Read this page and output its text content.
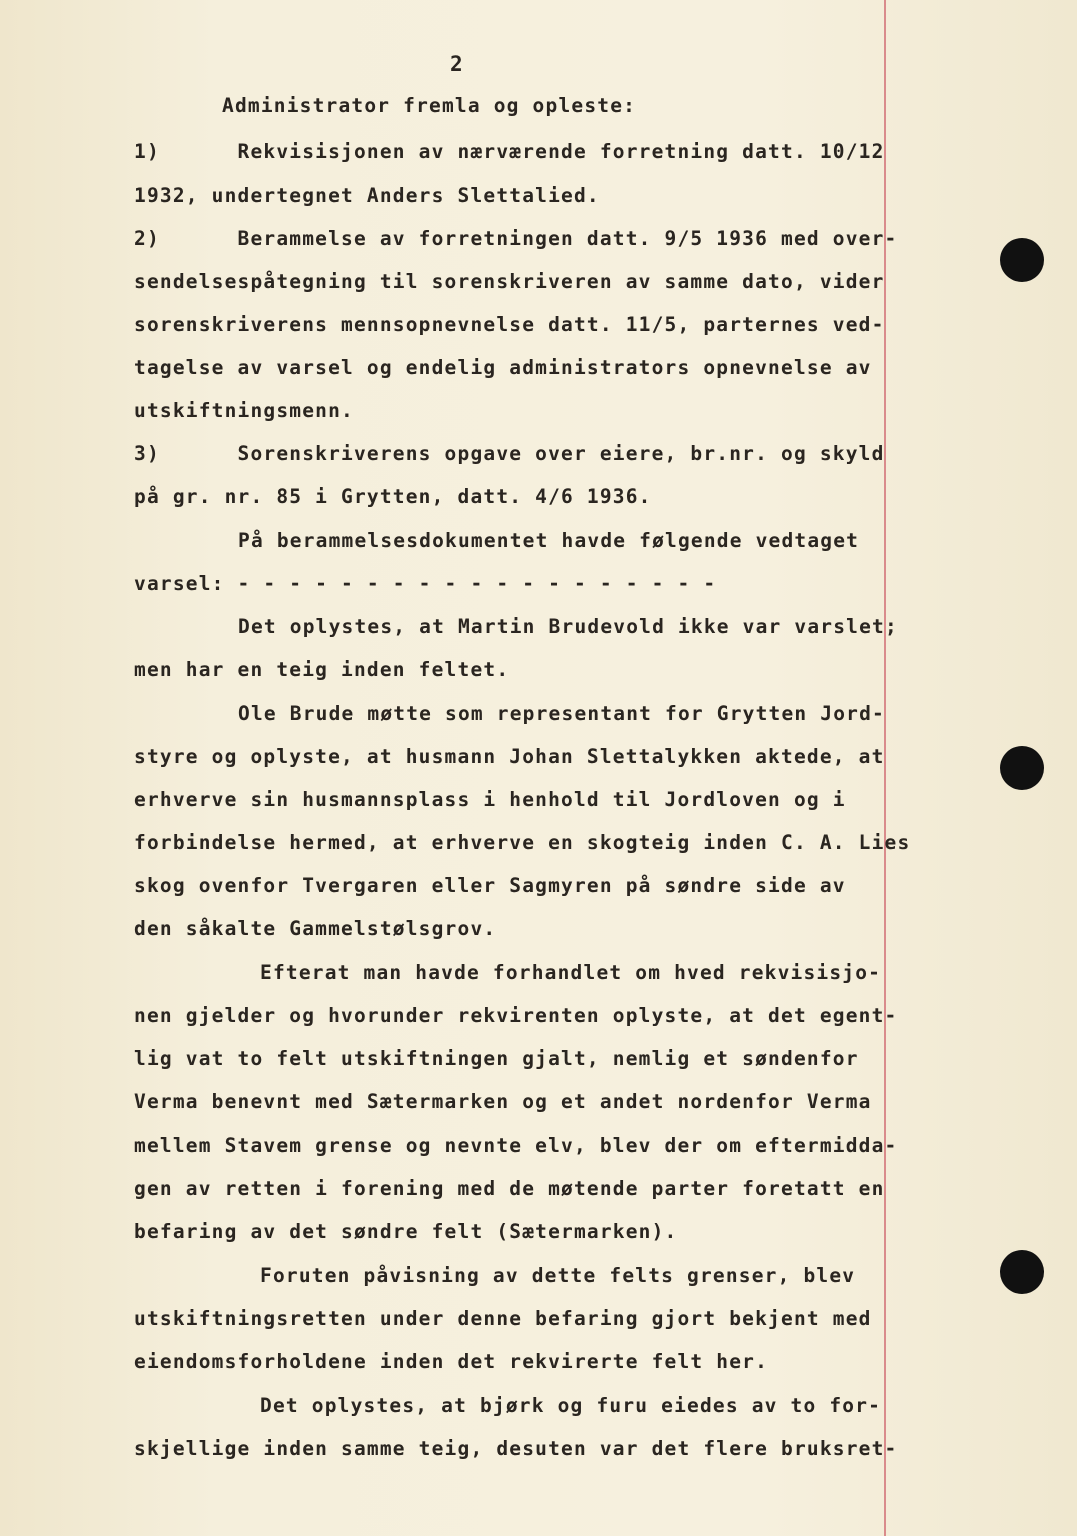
2
Administrator fremla og opleste:
1)      Rekvisisjonen av nærværende forretning datt. 10/12
1932, undertegnet Anders Slettalied.
2)      Berammelse av forretningen datt. 9/5 1936 med over-
sendelsespåtegning til sorenskriveren av samme dato, vider
sorenskriverens mennsopnevnelse datt. 11/5, parternes ved-
tagelse av varsel og endelig administrators opnevnelse av
utskiftningsmenn.
3)      Sorenskriverens opgave over eiere, br.nr. og skyld
på gr. nr. 85 i Grytten, datt. 4/6 1936.
På berammelsesdokumentet havde følgende vedtaget
varsel: - - - - - - - - - - - - - - - - - - -
Det oplystes, at Martin Brudevold ikke var varslet;
men har en teig inden feltet.
Ole Brude møtte som representant for Grytten Jord-
styre og oplyste, at husmann Johan Slettalykken aktede, at
erhverve sin husmannsplass i henhold til Jordloven og i
forbindelse hermed, at erhverve en skogteig inden C. A. Lies
skog ovenfor Tvergaren eller Sagmyren på søndre side av
den såkalte Gammelstølsgrov.
Efterat man havde forhandlet om hved rekvisisjo-
nen gjelder og hvorunder rekvirenten oplyste, at det egent-
lig vat to felt utskiftningen gjalt, nemlig et søndenfor
Verma benevnt med Sætermarken og et andet nordenfor Verma
mellem Stavem grense og nevnte elv, blev der om eftermidda-
gen av retten i forening med de møtende parter foretatt en
befaring av det søndre felt (Sætermarken).
Foruten påvisning av dette felts grenser, blev
utskiftningsretten under denne befaring gjort bekjent med
eiendomsforholdene inden det rekvirerte felt her.
Det oplystes, at bjørk og furu eiedes av to for-
skjellige inden samme teig, desuten var det flere bruksret-
